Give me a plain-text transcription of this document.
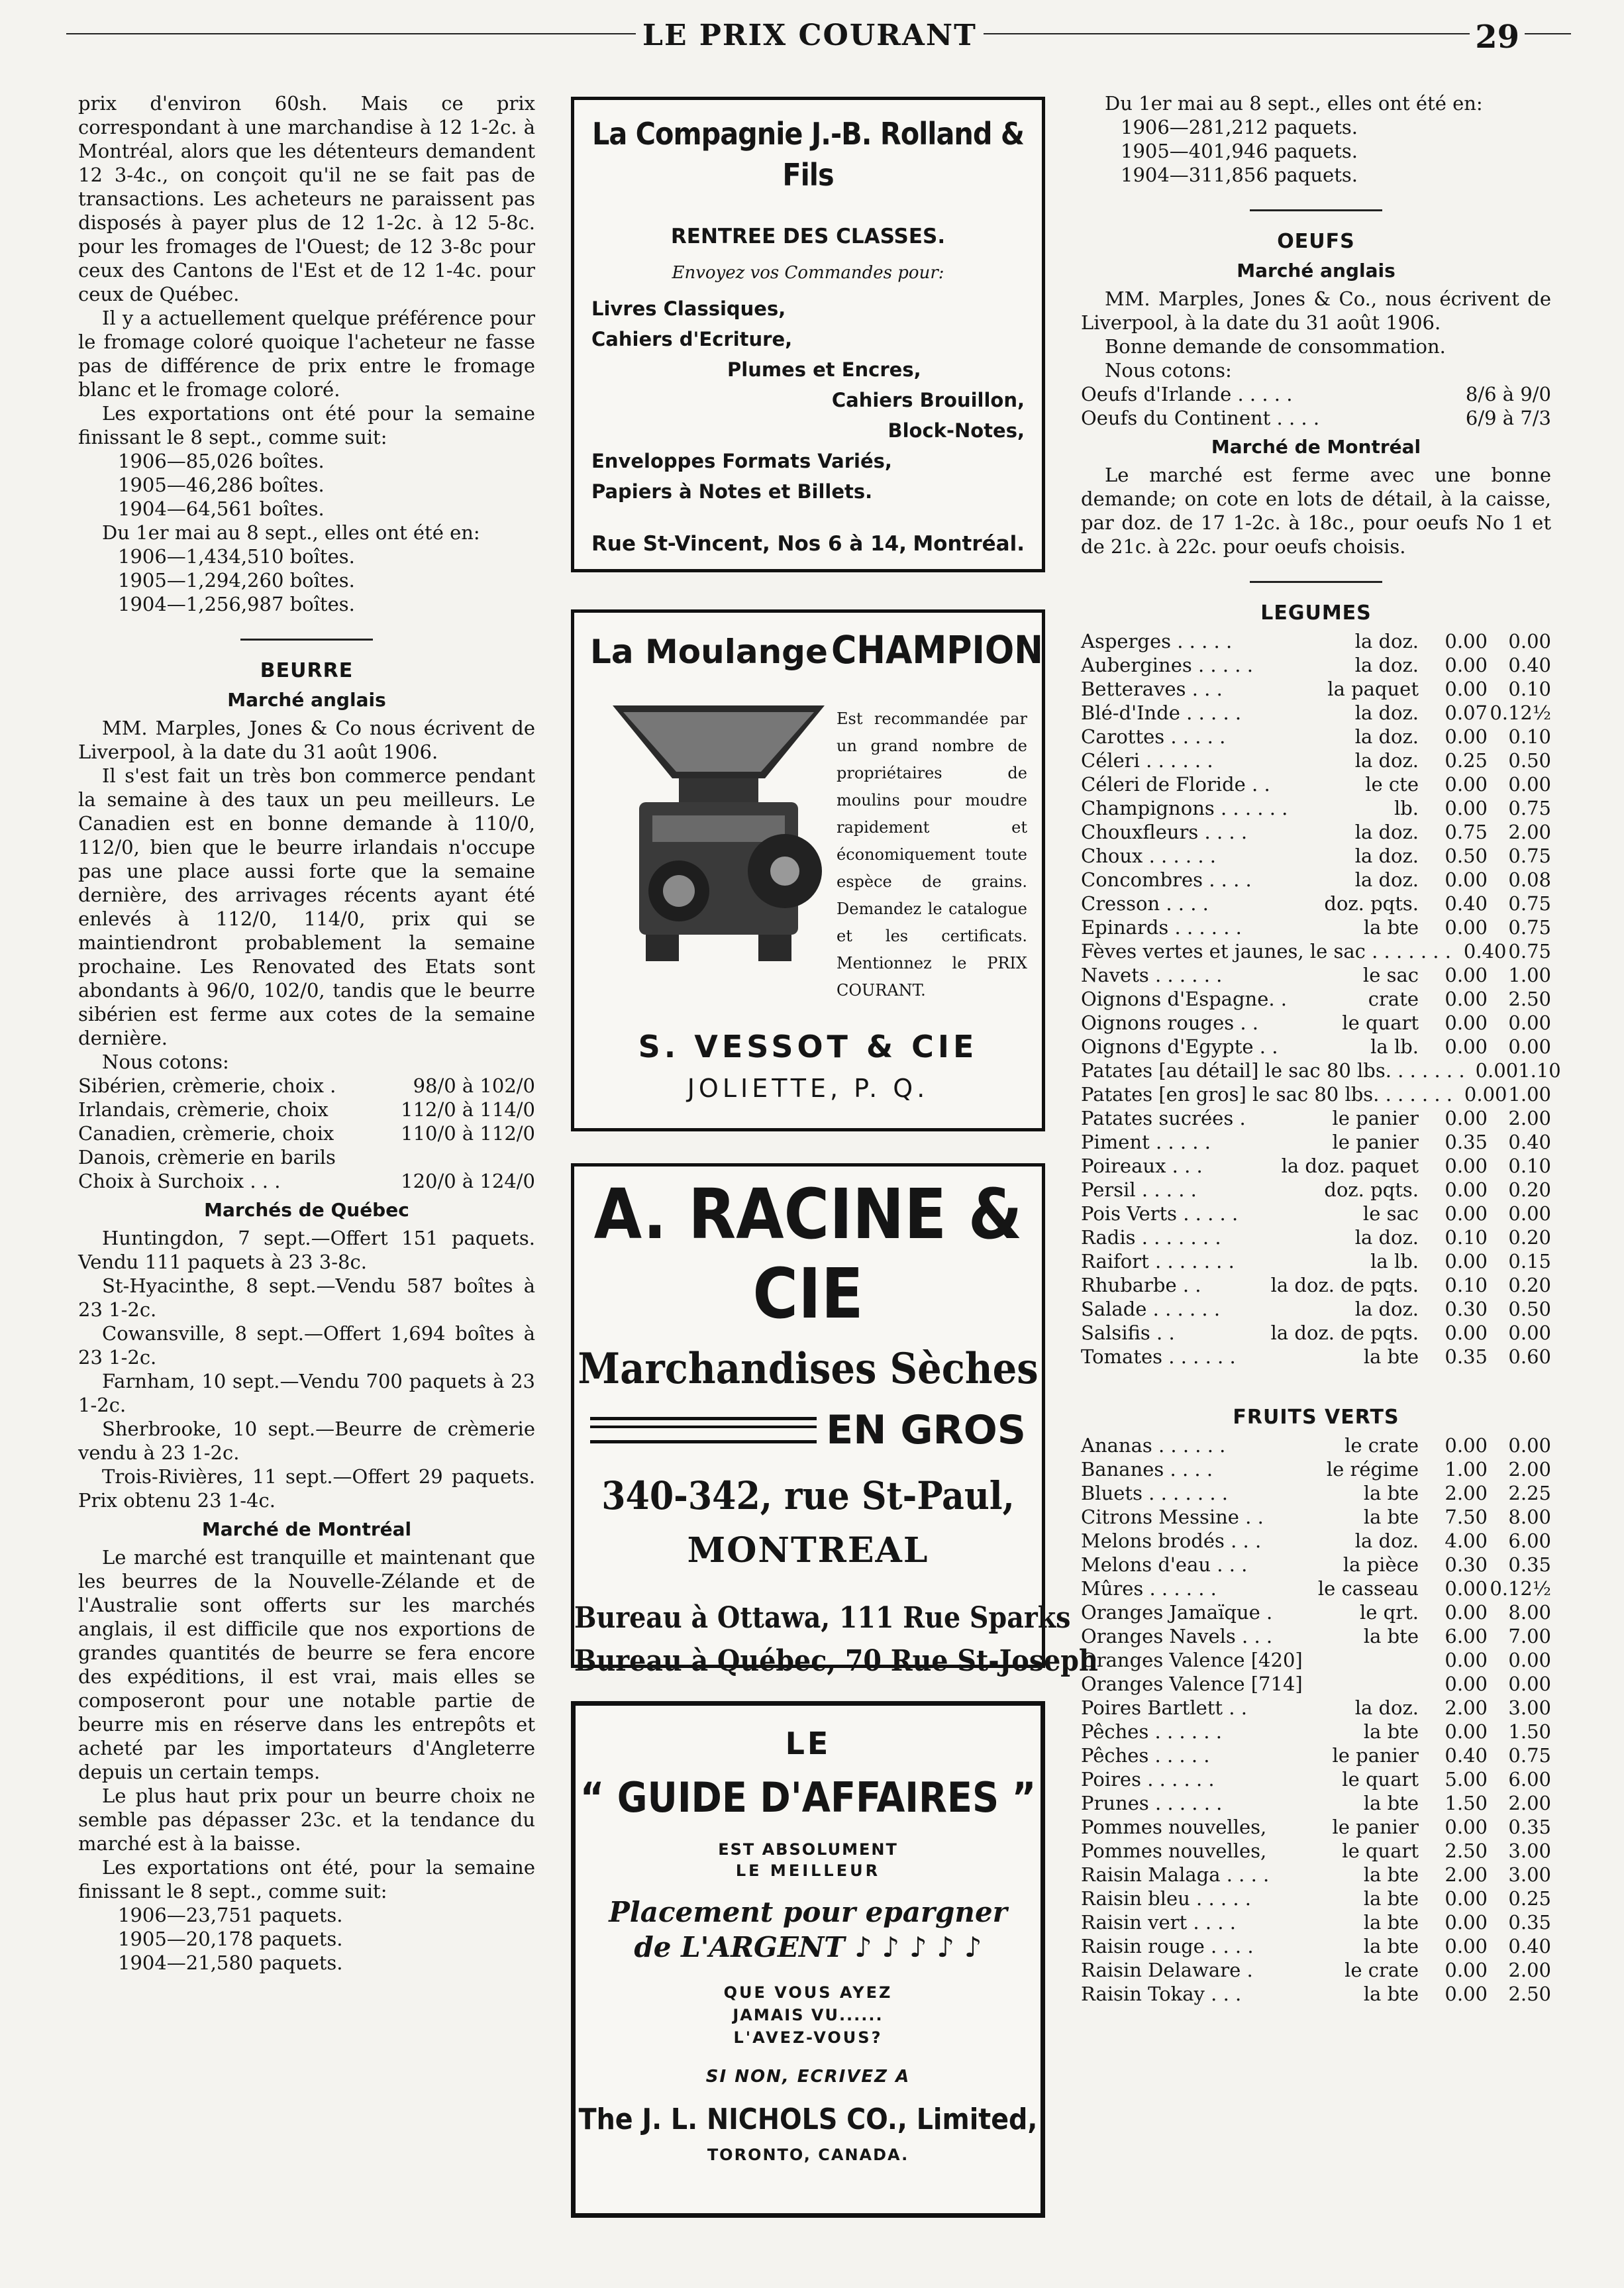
LE PRIX COURANT	29

prix d'environ 60sh. Mais ce prix correspondant à une marchandise à 12 1-2c. à Montréal, alors que les détenteurs demandent 12 3-4c., on conçoit qu'il ne se fait pas de transactions. Les acheteurs ne paraissent pas disposés à payer plus de 12 1-2c. à 12 5-8c. pour les fromages de l'Ouest; de 12 3-8c pour ceux des Cantons de l'Est et de 12 1-4c. pour ceux de Québec.

Il y a actuellement quelque préférence pour le fromage coloré quoique l'acheteur ne fasse pas de différence de prix entre le fromage blanc et le fromage coloré.

Les exportations ont été pour la semaine finissant le 8 sept., comme suit:

1906—85,026 boîtes.
1905—46,286 boîtes.
1904—64,561 boîtes.

Du 1er mai au 8 sept., elles ont été en:

1906—1,434,510 boîtes.
1905—1,294,260 boîtes.
1904—1,256,987 boîtes.
BEURRE
Marché anglais

MM. Marples, Jones & Co nous écrivent de Liverpool, à la date du 31 août 1906.

Il s'est fait un très bon commerce pendant la semaine à des taux un peu meilleurs. Le Canadien est en bonne demande à 110/0, 112/0, bien que le beurre irlandais n'occupe pas une place aussi forte que la semaine dernière, des arrivages récents ayant été enlevés à 112/0, 114/0, prix qui se maintiendront probablement la semaine prochaine. Les Renovated des Etats sont abondants à 96/0, 102/0, tandis que le beurre sibérien est ferme aux cotes de la semaine dernière.

Nous cotons:

Sibérien, crèmerie, choix .	98/0 à 102/0
Irlandais, crèmerie, choix	112/0 à 114/0
Canadien, crèmerie, choix	110/0 à 112/0
Danois, crèmerie en barils
Choix à Surchoix . . .	120/0 à 124/0
Marchés de Québec

Huntingdon, 7 sept.—Offert 151 paquets. Vendu 111 paquets à 23 3-8c.

St-Hyacinthe, 8 sept.—Vendu 587 boîtes à 23 1-2c.

Cowansville, 8 sept.—Offert 1,694 boîtes à 23 1-2c.

Farnham, 10 sept.—Vendu 700 paquets à 23 1-2c.

Sherbrooke, 10 sept.—Beurre de crèmerie vendu à 23 1-2c.

Trois-Rivières, 11 sept.—Offert 29 paquets. Prix obtenu 23 1-4c.

Marché de Montréal

Le marché est tranquille et maintenant que les beurres de la Nouvelle-Zélande et de l'Australie sont offerts sur les marchés anglais, il est difficile que nos exportions de grandes quantités de beurre se fera encore des expéditions, il est vrai, mais elles se composeront pour une notable partie de beurre mis en réserve dans les entrepôts et acheté par les importateurs d'Angleterre depuis un certain temps.

Le plus haut prix pour un beurre choix ne semble pas dépasser 23c. et la tendance du marché est à la baisse.

Les exportations ont été, pour la semaine finissant le 8 sept., comme suit:

1906—23,751 paquets.
1905—20,178 paquets.
1904—21,580 paquets.
La Compagnie J.-B. Rolland & Fils
RENTREE DES CLASSES.
Envoyez vos Commandes pour:
Livres Classiques,
Cahiers d'Ecriture,
Plumes et Encres,
Cahiers Brouillon,
Block-Notes,
Enveloppes Formats Variés,
Papiers à Notes et Billets.
Rue St-Vincent, Nos 6 à 14, Montréal.
La Moulange CHAMPION
Est recommandée par un grand nombre de propriétaires de moulins pour moudre rapidement et économiquement toute espèce de grains. Demandez le catalogue et les certificats. Mentionnez le PRIX COURANT.
S. VESSOT & CIE
JOLIETTE, P. Q.
A. RACINE & CIE
Marchandises Sèches
EN GROS
340-342, rue St-Paul,
MONTREAL
Bureau à Ottawa, 111 Rue Sparks
Bureau à Québec, 70 Rue St-Joseph
LE
“ GUIDE D'AFFAIRES ”
EST ABSOLUMENT
LE MEILLEUR
Placement pour epargner
de L'ARGENT ♪ ♪ ♪ ♪ ♪
QUE VOUS AYEZ
JAMAIS VU......
L'AVEZ-VOUS?
SI NON, ECRIVEZ A
The J. L. NICHOLS CO., Limited,
TORONTO, CANADA.

Du 1er mai au 8 sept., elles ont été en:

1906—281,212 paquets.
1905—401,946 paquets.
1904—311,856 paquets.
OEUFS
Marché anglais

MM. Marples, Jones & Co., nous écrivent de Liverpool, à la date du 31 août 1906.

Bonne demande de consommation.

Nous cotons:

Oeufs d'Irlande . . . . .	8/6 à 9/0
Oeufs du Continent . . . .	6/9 à 7/3
Marché de Montréal

Le marché est ferme avec une bonne demande; on cote en lots de détail, à la caisse, par doz. de 17 1-2c. à 18c., pour oeufs No 1 et de 21c. à 22c. pour oeufs choisis.

LEGUMES
Asperges . . . . .	la doz.	0.00	0.00
Aubergines . . . . .	la doz.	0.00	0.40
Betteraves . . .	la paquet	0.00	0.10
Blé-d'Inde . . . . .	la doz.	0.07 0.12½
Carottes . . . . .	la doz.	0.00	0.10
Céleri . . . . . .	la doz.	0.25	0.50
Céleri de Floride . .	le cte	0.00	0.00
Champignons . . . . . .	lb.	0.00	0.75
Chouxfleurs . . . .	la doz.	0.75	2.00
Choux . . . . . .	la doz.	0.50	0.75
Concombres . . . .	la doz.	0.00	0.08
Cresson . . . .	doz. pqts.	0.40	0.75
Epinards . . . . . .	la bte	0.00	0.75
Fèves vertes et jaunes, le sac . . . . . . . 0.40 0.75
Navets . . . . . .	le sac	0.00	1.00
Oignons d'Espagne. .	crate	0.00	2.50
Oignons rouges . .	le quart	0.00	0.00
Oignons d'Egypte . .	la lb.	0.00	0.00
Patates [au détail] le sac 80 lbs. . . . . . . 0.00 1.10
Patates [en gros] le sac 80 lbs. . . . . . . 0.00 1.00
Patates sucrées .	le panier	0.00	2.00
Piment . . . . .	le panier	0.35	0.40
Poireaux . . .	la doz. paquet	0.00	0.10
Persil . . . . .	doz. pqts.	0.00	0.20
Pois Verts . . . . .	le sac	0.00	0.00
Radis . . . . . . .	la doz.	0.10	0.20
Raifort . . . . . . .	la lb.	0.00	0.15
Rhubarbe . .	la doz. de pqts.	0.10	0.20
Salade . . . . . .	la doz.	0.30	0.50
Salsifis . .	la doz. de pqts.	0.00	0.00
Tomates . . . . . .	la bte	0.35	0.60
FRUITS VERTS
Ananas . . . . . .	le crate	0.00	0.00
Bananes . . . .	le régime	1.00	2.00
Bluets . . . . . . .	la bte	2.00	2.25
Citrons Messine . .	la bte	7.50	8.00
Melons brodés . . .	la doz.	4.00	6.00
Melons d'eau . . .	la pièce	0.30	0.35
Mûres . . . . . .	le casseau	0.00 0.12½
Oranges Jamaïque .	le qrt.	0.00	8.00
Oranges Navels . . .	la bte	6.00	7.00
Oranges Valence [420]	0.00	0.00
Oranges Valence [714]	0.00	0.00
Poires Bartlett . .	la doz.	2.00	3.00
Pêches . . . . . .	la bte	0.00	1.50
Pêches . . . . .	le panier	0.40	0.75
Poires . . . . . .	le quart	5.00	6.00
Prunes . . . . . .	la bte	1.50	2.00
Pommes nouvelles,	le panier	0.00	0.35
Pommes nouvelles,	le quart	2.50	3.00
Raisin Malaga . . . .	la bte	2.00	3.00
Raisin bleu . . . . .	la bte	0.00	0.25
Raisin vert . . . .	la bte	0.00	0.35
Raisin rouge . . . .	la bte	0.00	0.40
Raisin Delaware .	le crate	0.00	2.00
Raisin Tokay . . .	la bte	0.00	2.50
